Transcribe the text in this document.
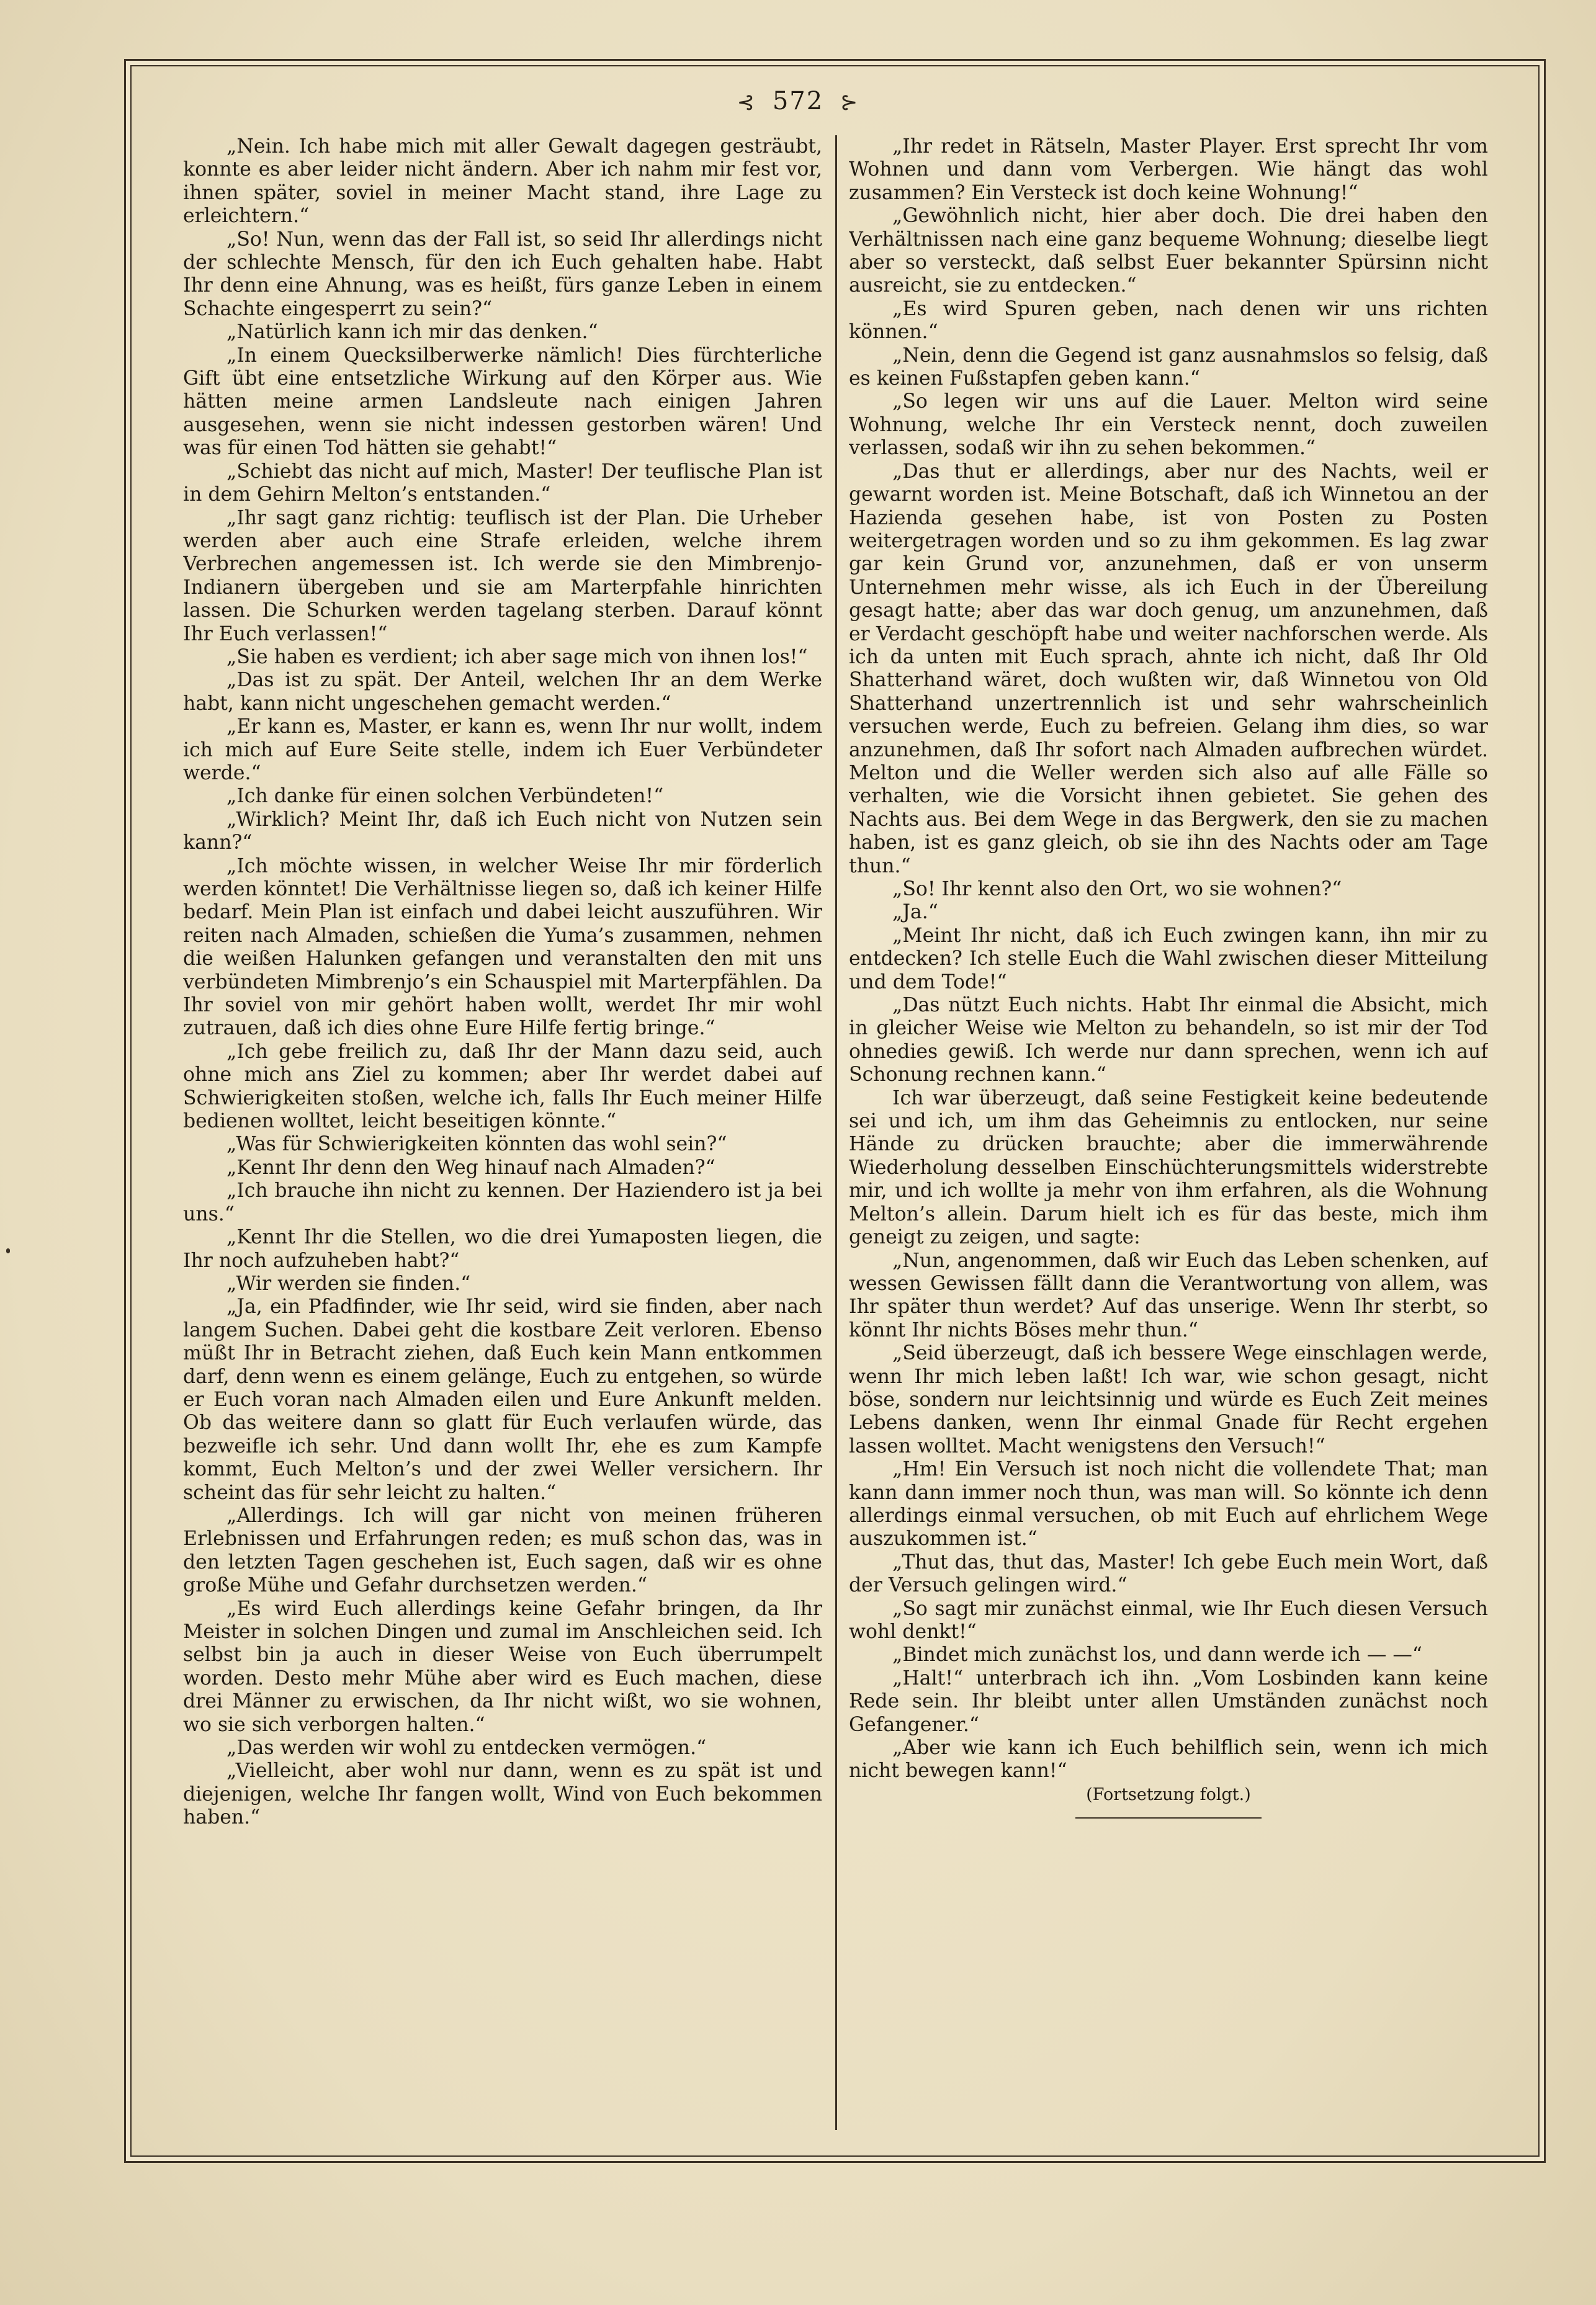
⊰ 572 ⊱

„Nein. Ich habe mich mit aller Gewalt dagegen gesträubt, konnte es aber leider nicht ändern. Aber ich nahm mir fest vor, ihnen später, soviel in meiner Macht stand, ihre Lage zu erleichtern.“

„So! Nun, wenn das der Fall ist, so seid Ihr allerdings nicht der schlechte Mensch, für den ich Euch gehalten habe. Habt Ihr denn eine Ahnung, was es heißt, fürs ganze Leben in einem Schachte eingesperrt zu sein?“

„Natürlich kann ich mir das denken.“

„In einem Quecksilberwerke nämlich! Dies fürchterliche Gift übt eine entsetzliche Wirkung auf den Körper aus. Wie hätten meine armen Landsleute nach einigen Jahren ausgesehen, wenn sie nicht indessen gestorben wären! Und was für einen Tod hätten sie gehabt!“

„Schiebt das nicht auf mich, Master! Der teuflische Plan ist in dem Gehirn Melton’s entstanden.“

„Ihr sagt ganz richtig: teuflisch ist der Plan. Die Urheber werden aber auch eine Strafe erleiden, welche ihrem Verbrechen angemessen ist. Ich werde sie den Mimbrenjo-Indianern übergeben und sie am Marterpfahle hinrichten lassen. Die Schurken werden tagelang sterben. Darauf könnt Ihr Euch verlassen!“

„Sie haben es verdient; ich aber sage mich von ihnen los!“

„Das ist zu spät. Der Anteil, welchen Ihr an dem Werke habt, kann nicht ungeschehen gemacht werden.“

„Er kann es, Master, er kann es, wenn Ihr nur wollt, indem ich mich auf Eure Seite stelle, indem ich Euer Verbündeter werde.“

„Ich danke für einen solchen Verbündeten!“

„Wirklich? Meint Ihr, daß ich Euch nicht von Nutzen sein kann?“

„Ich möchte wissen, in welcher Weise Ihr mir förderlich werden könntet! Die Verhältnisse liegen so, daß ich keiner Hilfe bedarf. Mein Plan ist einfach und dabei leicht auszuführen. Wir reiten nach Almaden, schießen die Yuma’s zusammen, nehmen die weißen Halunken gefangen und veranstalten den mit uns verbündeten Mimbrenjo’s ein Schauspiel mit Marterpfählen. Da Ihr soviel von mir gehört haben wollt, werdet Ihr mir wohl zutrauen, daß ich dies ohne Eure Hilfe fertig bringe.“

„Ich gebe freilich zu, daß Ihr der Mann dazu seid, auch ohne mich ans Ziel zu kommen; aber Ihr werdet dabei auf Schwierigkeiten stoßen, welche ich, falls Ihr Euch meiner Hilfe bedienen wolltet, leicht beseitigen könnte.“

„Was für Schwierigkeiten könnten das wohl sein?“

„Kennt Ihr denn den Weg hinauf nach Almaden?“

„Ich brauche ihn nicht zu kennen. Der Haziendero ist ja bei uns.“

„Kennt Ihr die Stellen, wo die drei Yumaposten liegen, die Ihr noch aufzuheben habt?“

„Wir werden sie finden.“

„Ja, ein Pfadfinder, wie Ihr seid, wird sie finden, aber nach langem Suchen. Dabei geht die kostbare Zeit verloren. Ebenso müßt Ihr in Betracht ziehen, daß Euch kein Mann entkommen darf, denn wenn es einem gelänge, Euch zu entgehen, so würde er Euch voran nach Almaden eilen und Eure Ankunft melden. Ob das weitere dann so glatt für Euch verlaufen würde, das bezweifle ich sehr. Und dann wollt Ihr, ehe es zum Kampfe kommt, Euch Melton’s und der zwei Weller versichern. Ihr scheint das für sehr leicht zu halten.“

„Allerdings. Ich will gar nicht von meinen früheren Erlebnissen und Erfahrungen reden; es muß schon das, was in den letzten Tagen geschehen ist, Euch sagen, daß wir es ohne große Mühe und Gefahr durchsetzen werden.“

„Es wird Euch allerdings keine Gefahr bringen, da Ihr Meister in solchen Dingen und zumal im Anschleichen seid. Ich selbst bin ja auch in dieser Weise von Euch überrumpelt worden. Desto mehr Mühe aber wird es Euch machen, diese drei Männer zu erwischen, da Ihr nicht wißt, wo sie wohnen, wo sie sich verborgen halten.“

„Das werden wir wohl zu entdecken vermögen.“

„Vielleicht, aber wohl nur dann, wenn es zu spät ist und diejenigen, welche Ihr fangen wollt, Wind von Euch bekommen haben.“

„Ihr redet in Rätseln, Master Player. Erst sprecht Ihr vom Wohnen und dann vom Verbergen. Wie hängt das wohl zusammen? Ein Versteck ist doch keine Wohnung!“

„Gewöhnlich nicht, hier aber doch. Die drei haben den Verhältnissen nach eine ganz bequeme Wohnung; dieselbe liegt aber so versteckt, daß selbst Euer bekannter Spürsinn nicht ausreicht, sie zu entdecken.“

„Es wird Spuren geben, nach denen wir uns richten können.“

„Nein, denn die Gegend ist ganz ausnahmslos so felsig, daß es keinen Fußstapfen geben kann.“

„So legen wir uns auf die Lauer. Melton wird seine Wohnung, welche Ihr ein Versteck nennt, doch zuweilen verlassen, sodaß wir ihn zu sehen bekommen.“

„Das thut er allerdings, aber nur des Nachts, weil er gewarnt worden ist. Meine Botschaft, daß ich Winnetou an der Hazienda gesehen habe, ist von Posten zu Posten weitergetragen worden und so zu ihm gekommen. Es lag zwar gar kein Grund vor, anzunehmen, daß er von unserm Unternehmen mehr wisse, als ich Euch in der Übereilung gesagt hatte; aber das war doch genug, um anzunehmen, daß er Verdacht geschöpft habe und weiter nachforschen werde. Als ich da unten mit Euch sprach, ahnte ich nicht, daß Ihr Old Shatterhand wäret, doch wußten wir, daß Winnetou von Old Shatterhand unzertrennlich ist und sehr wahrscheinlich versuchen werde, Euch zu befreien. Gelang ihm dies, so war anzunehmen, daß Ihr sofort nach Almaden aufbrechen würdet. Melton und die Weller werden sich also auf alle Fälle so verhalten, wie die Vorsicht ihnen gebietet. Sie gehen des Nachts aus. Bei dem Wege in das Bergwerk, den sie zu machen haben, ist es ganz gleich, ob sie ihn des Nachts oder am Tage thun.“

„So! Ihr kennt also den Ort, wo sie wohnen?“

„Ja.“

„Meint Ihr nicht, daß ich Euch zwingen kann, ihn mir zu entdecken? Ich stelle Euch die Wahl zwischen dieser Mitteilung und dem Tode!“

„Das nützt Euch nichts. Habt Ihr einmal die Absicht, mich in gleicher Weise wie Melton zu behandeln, so ist mir der Tod ohnedies gewiß. Ich werde nur dann sprechen, wenn ich auf Schonung rechnen kann.“

Ich war überzeugt, daß seine Festigkeit keine bedeutende sei und ich, um ihm das Geheimnis zu entlocken, nur seine Hände zu drücken brauchte; aber die immerwährende Wiederholung desselben Einschüchterungsmittels widerstrebte mir, und ich wollte ja mehr von ihm erfahren, als die Wohnung Melton’s allein. Darum hielt ich es für das beste, mich ihm geneigt zu zeigen, und sagte:

„Nun, angenommen, daß wir Euch das Leben schenken, auf wessen Gewissen fällt dann die Verantwortung von allem, was Ihr später thun werdet? Auf das unserige. Wenn Ihr sterbt, so könnt Ihr nichts Böses mehr thun.“

„Seid überzeugt, daß ich bessere Wege einschlagen werde, wenn Ihr mich leben laßt! Ich war, wie schon gesagt, nicht böse, sondern nur leichtsinnig und würde es Euch Zeit meines Lebens danken, wenn Ihr einmal Gnade für Recht ergehen lassen wolltet. Macht wenigstens den Versuch!“

„Hm! Ein Versuch ist noch nicht die vollendete That; man kann dann immer noch thun, was man will. So könnte ich denn allerdings einmal versuchen, ob mit Euch auf ehrlichem Wege auszukommen ist.“

„Thut das, thut das, Master! Ich gebe Euch mein Wort, daß der Versuch gelingen wird.“

„So sagt mir zunächst einmal, wie Ihr Euch diesen Versuch wohl denkt!“

„Bindet mich zunächst los, und dann werde ich — —“

„Halt!“ unterbrach ich ihn. „Vom Losbinden kann keine Rede sein. Ihr bleibt unter allen Umständen zunächst noch Gefangener.“

„Aber wie kann ich Euch behilflich sein, wenn ich mich nicht bewegen kann!“

(Fortsetzung folgt.)
